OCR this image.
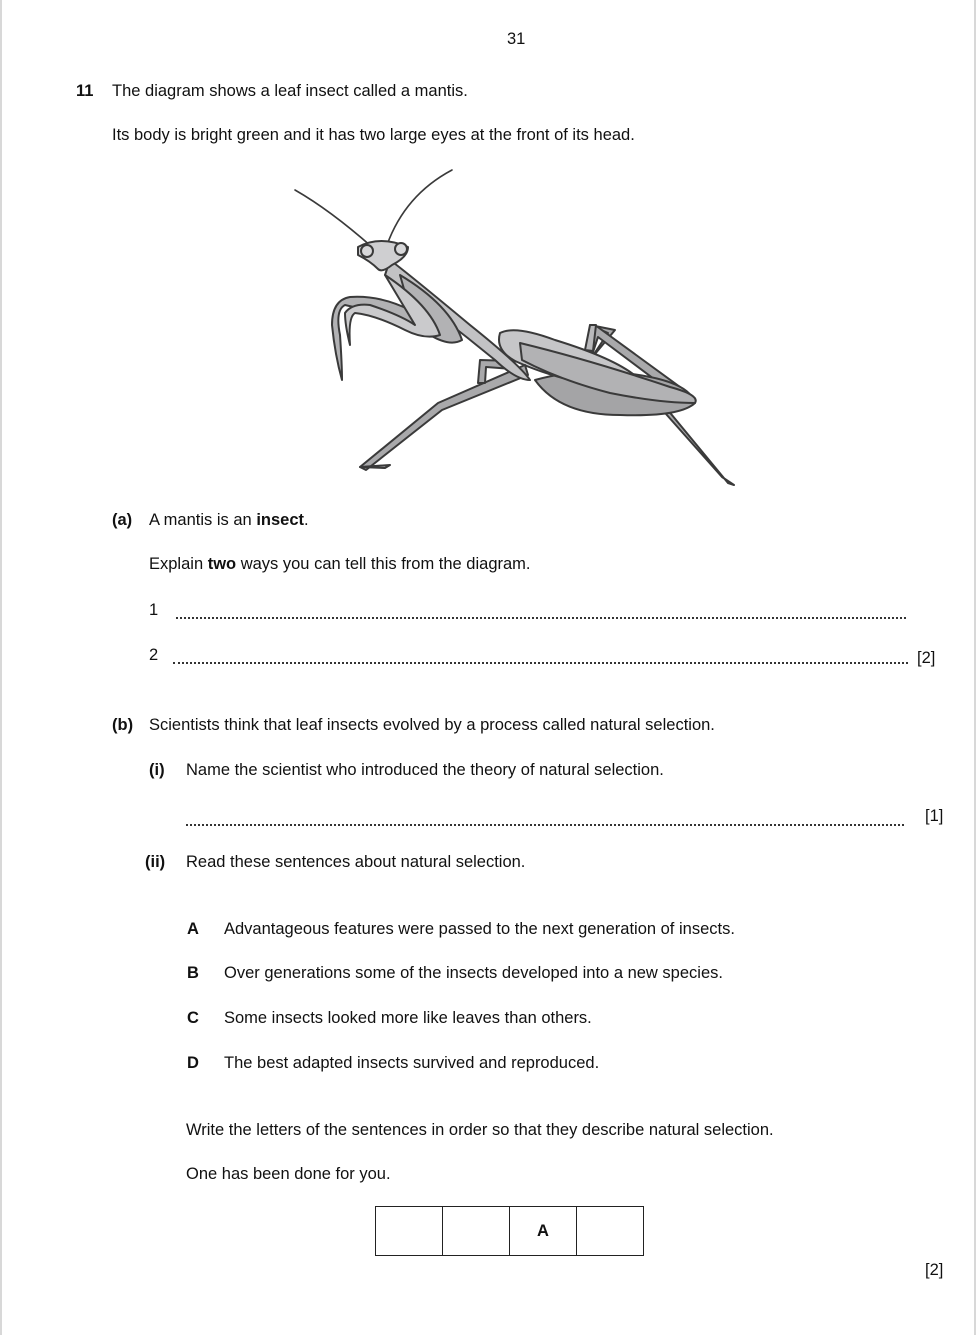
31
11 The diagram shows a leaf insect called a mantis.
Its body is bright green and it has two large eyes at the front of its head.
(a) A mantis is an insect.
Explain two ways you can tell this from the diagram.
1
2	[2]
(b) Scientists think that leaf insects evolved by a process called natural selection.
(i) Name the scientist who introduced the theory of natural selection.
[1]
(ii) Read these sentences about natural selection.
A Advantageous features were passed to the next generation of insects.
B Over generations some of the insects developed into a new species.
C Some insects looked more like leaves than others.
D The best adapted insects survived and reproduced.
Write the letters of the sentences in order so that they describe natural selection.
One has been done for you.
A
[2]
